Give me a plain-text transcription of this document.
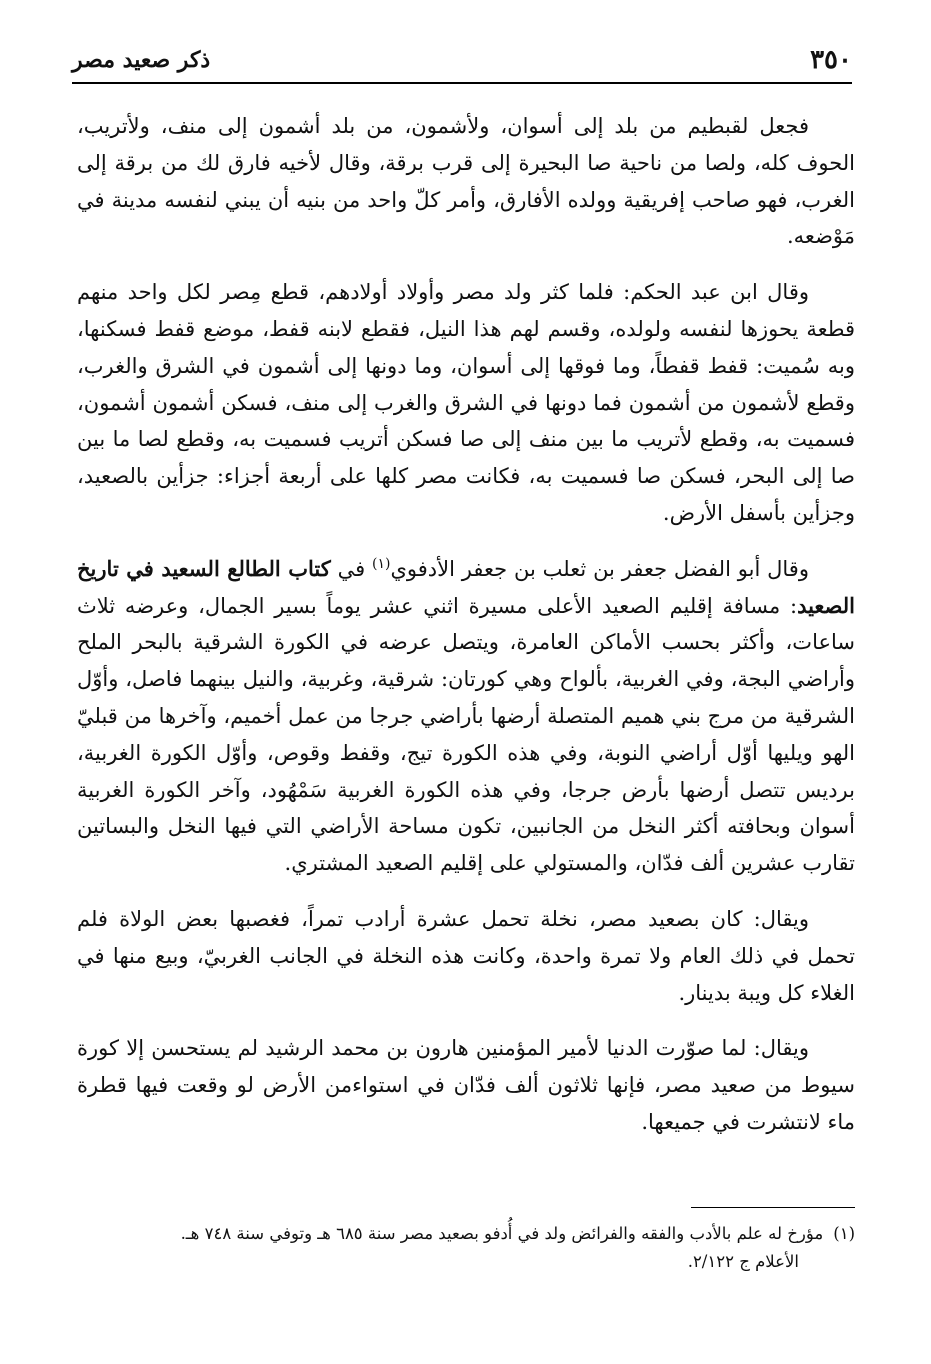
٣٥٠
ذكر صعيد مصر

فجعل لقبطيم من بلد إلى أسوان، ولأشمون، من بلد أشمون إلى منف، ولأتريب، الحوف كله، ولصا من ناحية صا البحيرة إلى قرب برقة، وقال لأخيه فارق لك من برقة إلى الغرب، فهو صاحب إفريقية وولده الأفارق، وأمر كلّ واحد من بنيه أن يبني لنفسه مدينة في مَوْضعه.

وقال ابن عبد الحكم: فلما كثر ولد مصر وأولاد أولادهم، قطع مِصر لكل واحد منهم قطعة يحوزها لنفسه ولولده، وقسم لهم هذا النيل، فقطع لابنه قفط، موضع قفط فسكنها، وبه سُميت: قفط قفطاً، وما فوقها إلى أسوان، وما دونها إلى أشمون في الشرق والغرب، وقطع لأشمون من أشمون فما دونها في الشرق والغرب إلى منف، فسكن أشمون أشمون، فسميت به، وقطع لأتريب ما بين منف إلى صا فسكن أتريب فسميت به، وقطع لصا ما بين صا إلى البحر، فسكن صا فسميت به، فكانت مصر كلها على أربعة أجزاء: جزأين بالصعيد، وجزأين بأسفل الأرض.

وقال أبو الفضل جعفر بن ثعلب بن جعفر الأدفوي$^{(١)}$ في كتاب الطالع السعيد في تاريخ الصعيد: مسافة إقليم الصعيد الأعلى مسيرة اثني عشر يوماً بسير الجمال، وعرضه ثلاث ساعات، وأكثر بحسب الأماكن العامرة، ويتصل عرضه في الكورة الشرقية بالبحر الملح وأراضي البجة، وفي الغربية، بألواح وهي كورتان: شرقية، وغربية، والنيل بينهما فاصل، وأوّل الشرقية من مرج بني هميم المتصلة أرضها بأراضي جرجا من عمل أخميم، وآخرها من قبليّ الهو ويليها أوّل أراضي النوبة، وفي هذه الكورة تيج، وقفط وقوص، وأوّل الكورة الغربية، برديس تتصل أرضها بأرض جرجا، وفي هذه الكورة الغربية سَمْهُود، وآخر الكورة الغربية أسوان وبحافته أكثر النخل من الجانبين، تكون مساحة الأراضي التي فيها النخل والبساتين تقارب عشرين ألف فدّان، والمستولي على إقليم الصعيد المشتري.

ويقال: كان بصعيد مصر، نخلة تحمل عشرة أرادب تمراً، فغصبها بعض الولاة فلم تحمل في ذلك العام ولا تمرة واحدة، وكانت هذه النخلة في الجانب الغربيّ، وبيع منها في الغلاء كل ويبة بدينار.

ويقال: لما صوّرت الدنيا لأمير المؤمنين هارون بن محمد الرشيد لم يستحسن إلا كورة سيوط من صعيد مصر، فإنها ثلاثون ألف فدّان في استواءمن الأرض لو وقعت فيها قطرة ماء لانتشرت في جميعها.

(١)مؤرخ له علم بالأدب والفقه والفرائض ولد في أُدفو بصعيد مصر سنة ٦٨٥ هـ وتوفي سنة ٧٤٨ هـ.
الأعلام ج ٢/١٢٢.
